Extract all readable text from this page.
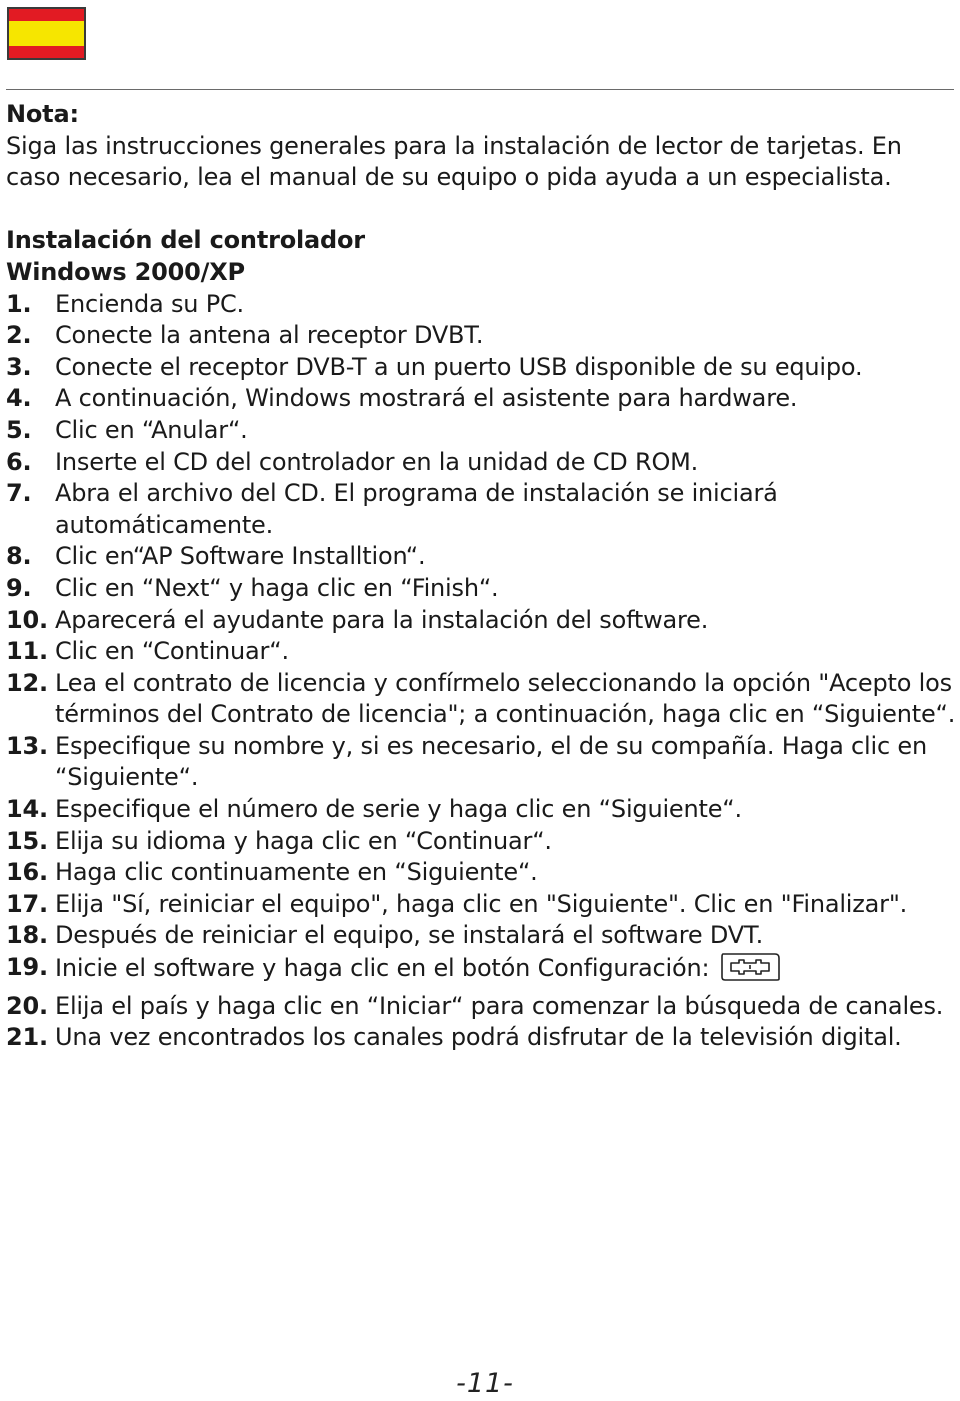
Nota:
Siga las instrucciones generales para la instalación de lector de tarjetas. En caso necesario, lea el manual de su equipo o pida ayuda a un especialista.
Instalación del controlador
Windows 2000/XP
1. Encienda su PC.
2. Conecte la antena al receptor DVBT.
3. Conecte el receptor DVB-T a un puerto USB disponible de su equipo.
4. A continuación, Windows mostrará el asistente para hardware.
5. Clic en “Anular“.
6. Inserte el CD del controlador en la unidad de CD ROM.
7. Abra el archivo del CD. El programa de instalación se iniciará automáticamente.
8. Clic en“AP Software Installtion“.
9. Clic en “Next“ y haga clic en “Finish“.
10. Aparecerá el ayudante para la instalación del software.
11. Clic en “Continuar“.
12. Lea el contrato de licencia y confírmelo seleccionando la opción "Acepto los términos del Contrato de licencia"; a continuación, haga clic en “Siguiente“.
13. Especifique su nombre y, si es necesario, el de su compañía. Haga clic en “Siguiente“.
14. Especifique el número de serie y haga clic en “Siguiente“.
15. Elija su idioma y haga clic en “Continuar“.
16. Haga clic continuamente en “Siguiente“.
17. Elija "Sí, reiniciar el equipo", haga clic en "Siguiente". Clic en "Finalizar".
18. Después de reiniciar el equipo, se instalará el software DVT.
19. Inicie el software y haga clic en el botón Configuración:
20. Elija el país y haga clic en “Iniciar“ para comenzar la búsqueda de canales.
21. Una vez encontrados los canales podrá disfrutar de la televisión digital.
-11-
